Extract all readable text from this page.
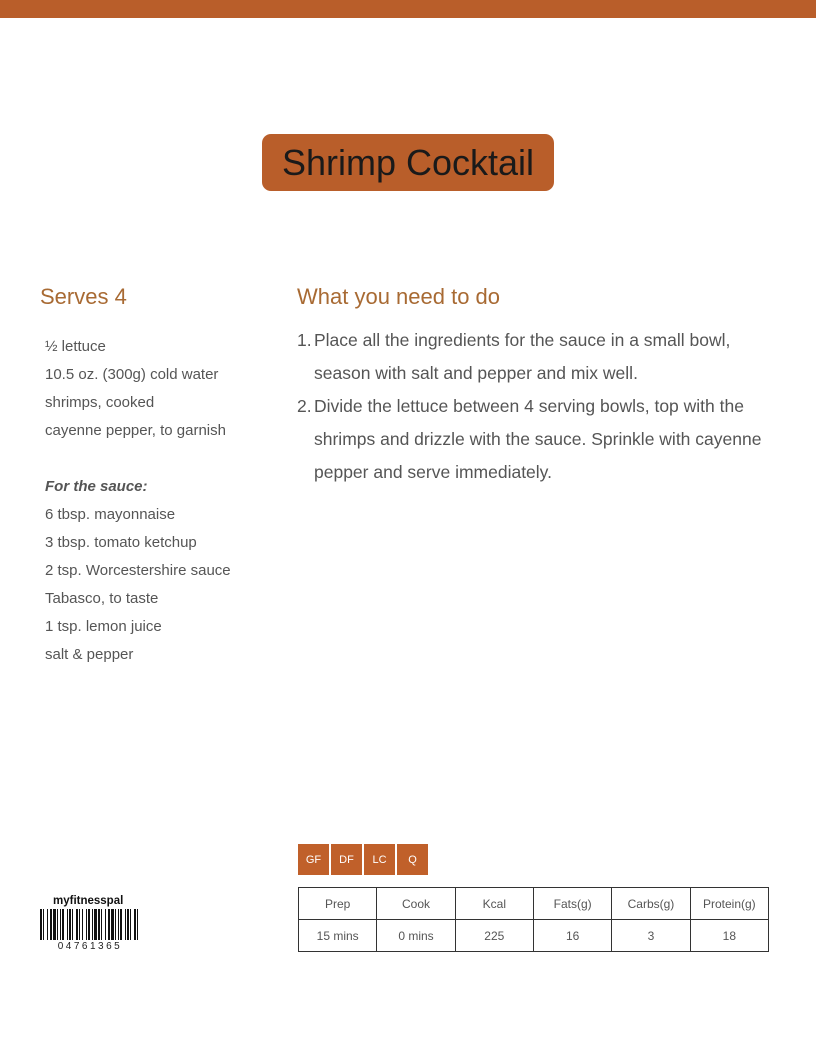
Shrimp Cocktail
Serves 4
½ lettuce
10.5 oz. (300g) cold water
shrimps, cooked
cayenne pepper, to garnish
For the sauce:
6 tbsp. mayonnaise
3 tbsp. tomato ketchup
2 tsp. Worcestershire sauce
Tabasco, to taste
1 tsp. lemon juice
salt & pepper
What you need to do
1. Place all the ingredients for the sauce in a small bowl, season with salt and pepper and mix well.
2. Divide the lettuce between 4 serving bowls, top with the shrimps and drizzle with the sauce. Sprinkle with cayenne pepper and serve immediately.
GF	DF	LC	Q
Prep	Cook	Kcal	Fats(g)	Carbs(g)	Protein(g)
15 mins	0 mins	225	16	3	18
myfitnesspal
04761365
